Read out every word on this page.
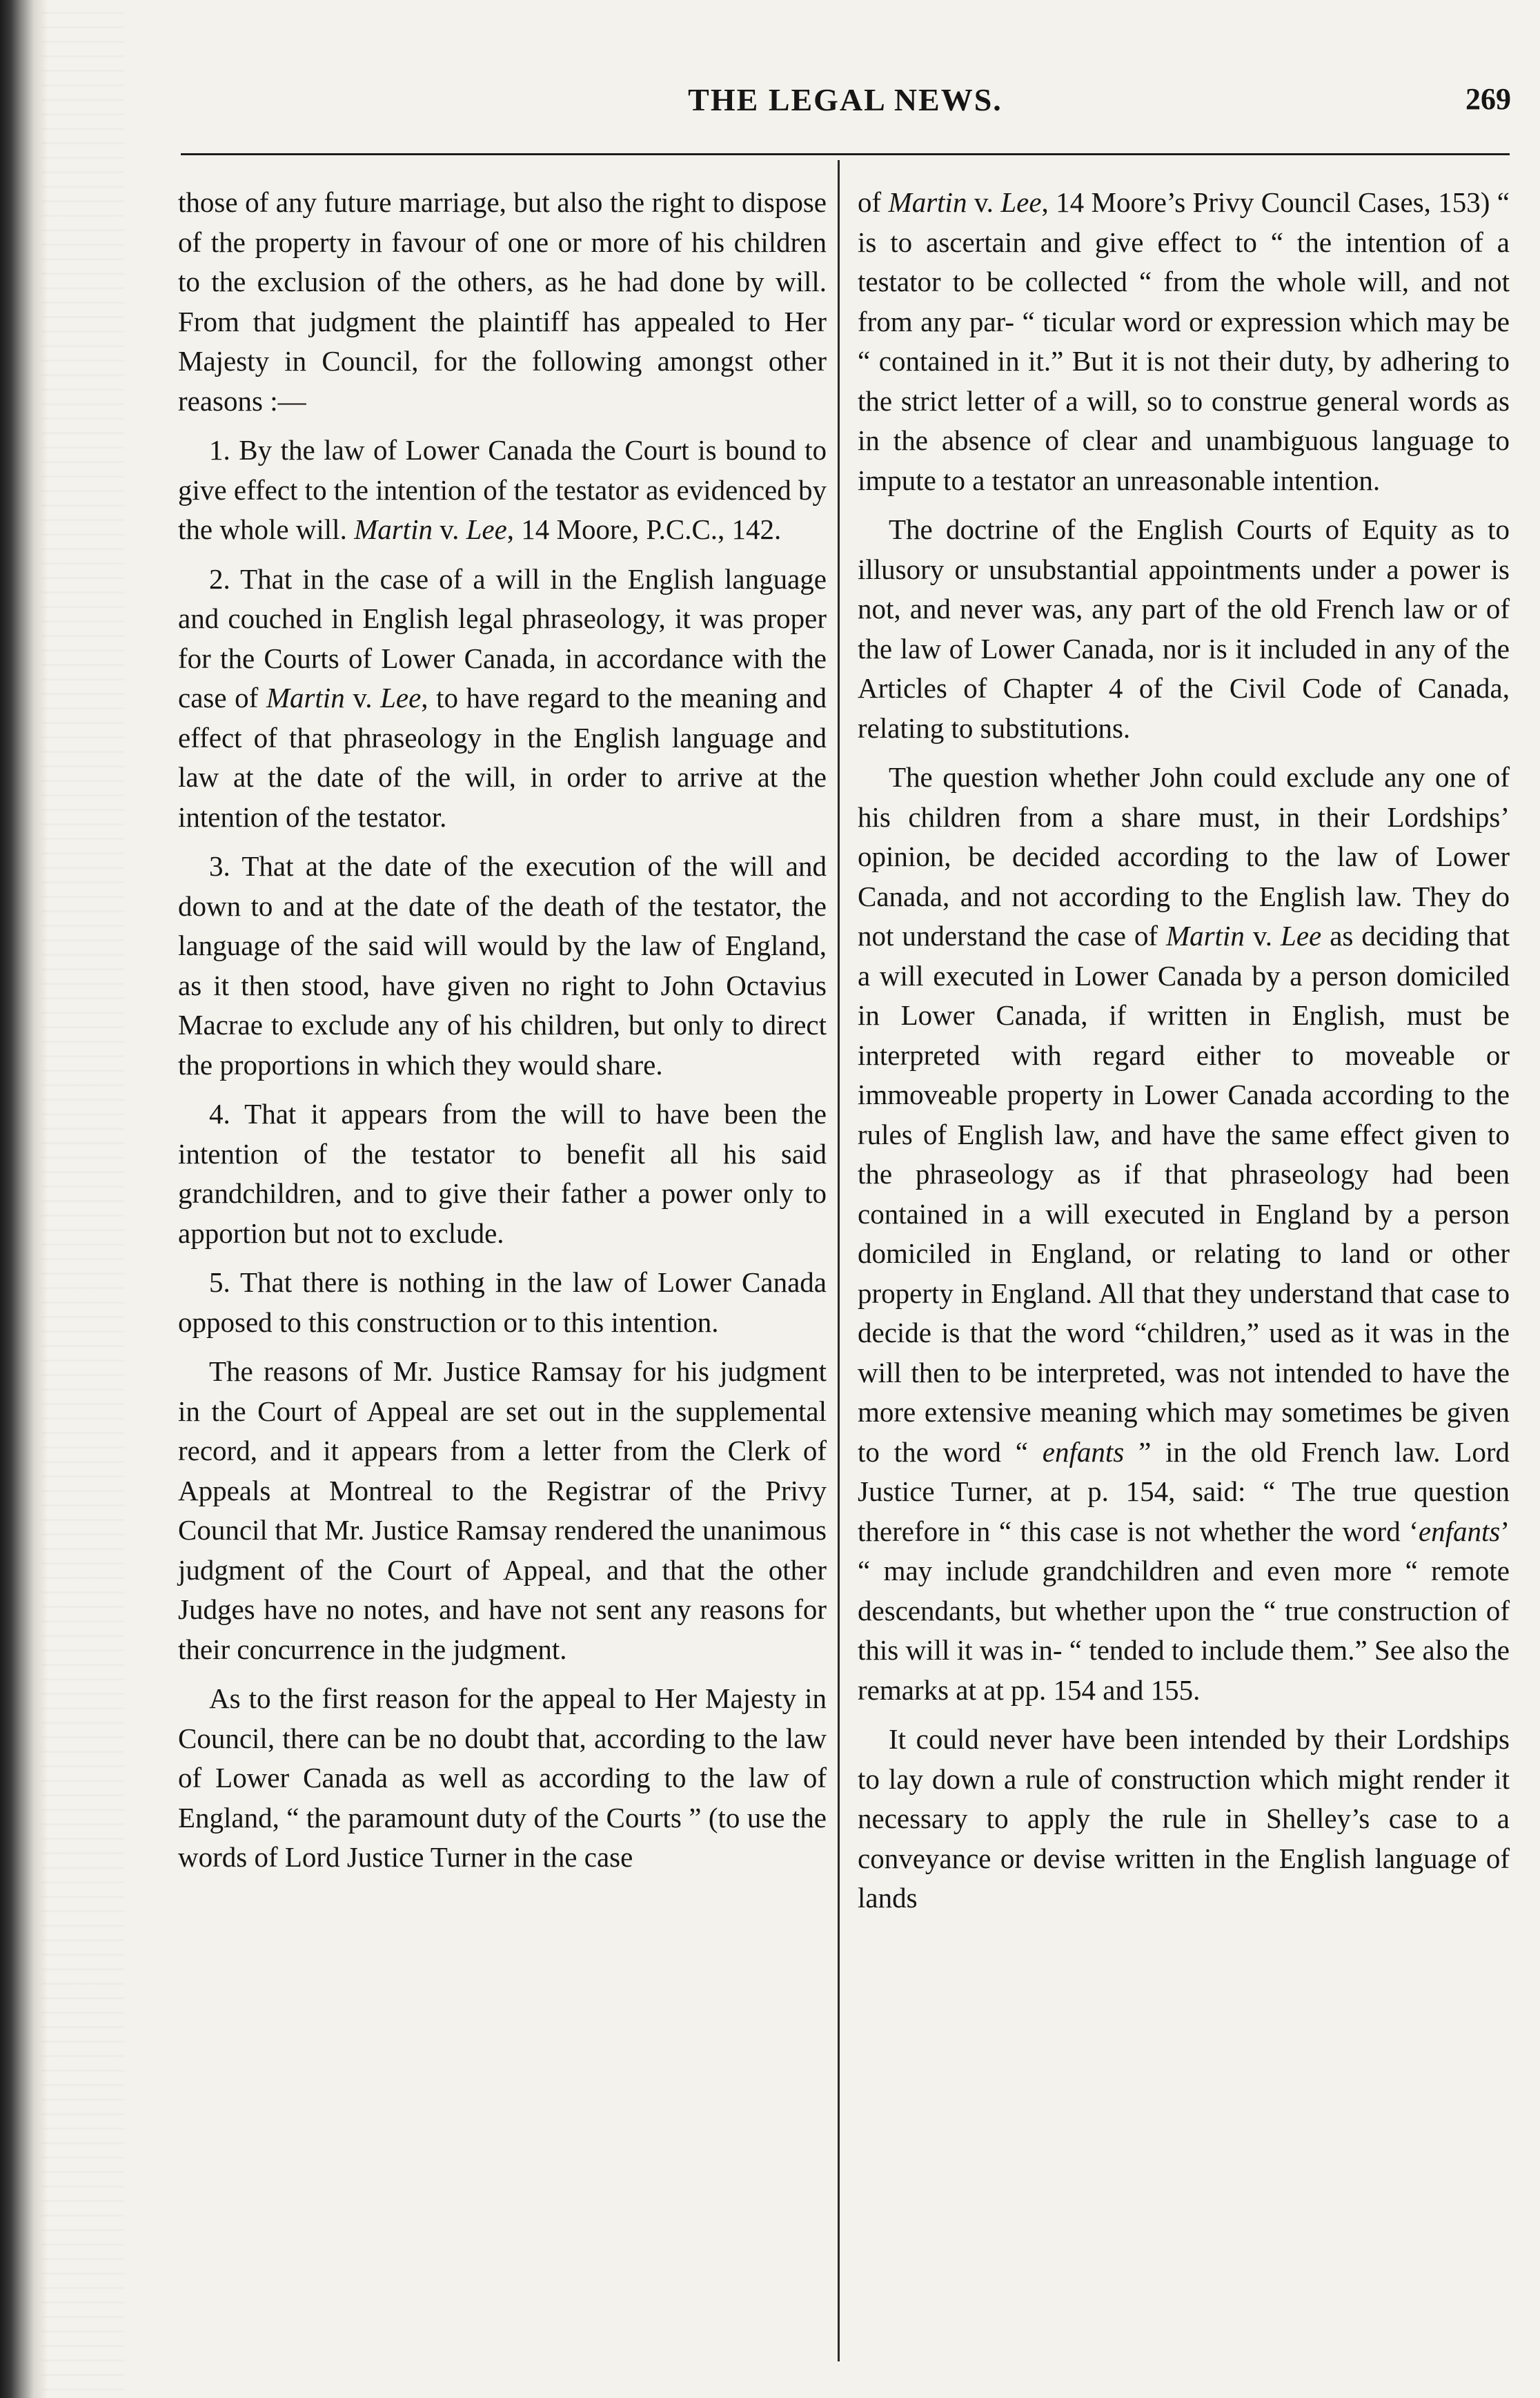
THE LEGAL NEWS.	269

those of any future marriage, but also the right to dispose of the property in favour of one or more of his children to the exclusion of the others, as he had done by will. From that judgment the plaintiff has appealed to Her Majesty in Council, for the following amongst other reasons :—

1. By the law of Lower Canada the Court is bound to give effect to the intention of the testator as evidenced by the whole will. Martin v. Lee, 14 Moore, P.C.C., 142.

2. That in the case of a will in the English language and couched in English legal phraseology, it was proper for the Courts of Lower Canada, in accordance with the case of Martin v. Lee, to have regard to the meaning and effect of that phraseology in the English language and law at the date of the will, in order to arrive at the intention of the testator.

3. That at the date of the execution of the will and down to and at the date of the death of the testator, the language of the said will would by the law of England, as it then stood, have given no right to John Octavius Macrae to exclude any of his children, but only to direct the proportions in which they would share.

4. That it appears from the will to have been the intention of the testator to benefit all his said grandchildren, and to give their father a power only to apportion but not to exclude.

5. That there is nothing in the law of Lower Canada opposed to this construction or to this intention.

The reasons of Mr. Justice Ramsay for his judgment in the Court of Appeal are set out in the supplemental record, and it appears from a letter from the Clerk of Appeals at Montreal to the Registrar of the Privy Council that Mr. Justice Ramsay rendered the unanimous judgment of the Court of Appeal, and that the other Judges have no notes, and have not sent any reasons for their concurrence in the judgment.

As to the first reason for the appeal to Her Majesty in Council, there can be no doubt that, according to the law of Lower Canada as well as according to the law of England, “ the paramount duty of the Courts ” (to use the words of Lord Justice Turner in the case

of Martin v. Lee, 14 Moore’s Privy Council Cases, 153) “ is to ascertain and give effect to “ the intention of a testator to be collected “ from the whole will, and not from any par- “ ticular word or expression which may be “ contained in it.” But it is not their duty, by adhering to the strict letter of a will, so to construe general words as in the absence of clear and unambiguous language to impute to a testator an unreasonable intention.

The doctrine of the English Courts of Equity as to illusory or unsubstantial appointments under a power is not, and never was, any part of the old French law or of the law of Lower Canada, nor is it included in any of the Articles of Chapter 4 of the Civil Code of Canada, relating to substitutions.

The question whether John could exclude any one of his children from a share must, in their Lordships’ opinion, be decided according to the law of Lower Canada, and not according to the English law. They do not understand the case of Martin v. Lee as deciding that a will executed in Lower Canada by a person domiciled in Lower Canada, if written in English, must be interpreted with regard either to moveable or immoveable property in Lower Canada according to the rules of English law, and have the same effect given to the phraseology as if that phraseology had been contained in a will executed in England by a person domiciled in England, or relating to land or other property in England. All that they understand that case to decide is that the word “children,” used as it was in the will then to be interpreted, was not intended to have the more extensive meaning which may sometimes be given to the word “ enfants ” in the old French law. Lord Justice Turner, at p. 154, said: “ The true question therefore in “ this case is not whether the word ‘enfants’ “ may include grandchildren and even more “ remote descendants, but whether upon the “ true construction of this will it was in- “ tended to include them.” See also the remarks at at pp. 154 and 155.

It could never have been intended by their Lordships to lay down a rule of construction which might render it necessary to apply the rule in Shelley’s case to a conveyance or devise written in the English language of lands
